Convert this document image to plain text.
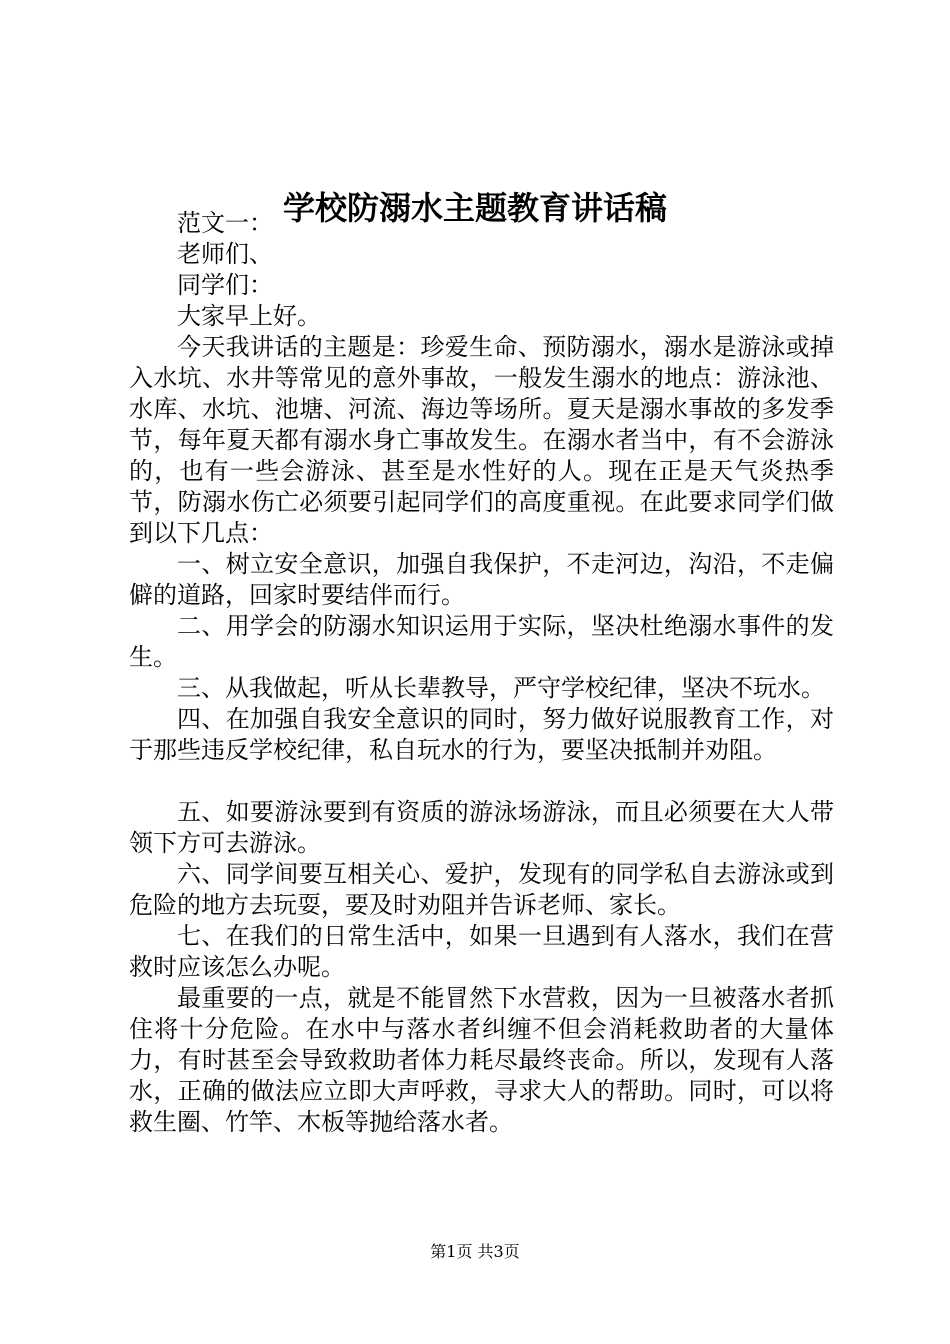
学校防溺水主题教育讲话稿

范文一：

老师们、

同学们：

大家早上好。

今天我讲话的主题是：珍爱生命、预防溺水，溺水是游泳或掉入水坑、水井等常见的意外事故，一般发生溺水的地点：游泳池、水库、水坑、池塘、河流、海边等场所。夏天是溺水事故的多发季节，每年夏天都有溺水身亡事故发生。在溺水者当中，有不会游泳的，也有一些会游泳、甚至是水性好的人。现在正是天气炎热季节，防溺水伤亡必须要引起同学们的高度重视。在此要求同学们做到以下几点：

一、树立安全意识，加强自我保护，不走河边，沟沿，不走偏僻的道路，回家时要结伴而行。

二、用学会的防溺水知识运用于实际，坚决杜绝溺水事件的发生。

三、从我做起，听从长辈教导，严守学校纪律，坚决不玩水。

四、在加强自我安全意识的同时，努力做好说服教育工作，对于那些违反学校纪律，私自玩水的行为，要坚决抵制并劝阻。

五、如要游泳要到有资质的游泳场游泳，而且必须要在大人带领下方可去游泳。

六、同学间要互相关心、爱护，发现有的同学私自去游泳或到危险的地方去玩耍，要及时劝阻并告诉老师、家长。

七、在我们的日常生活中，如果一旦遇到有人落水，我们在营救时应该怎么办呢。

最重要的一点，就是不能冒然下水营救，因为一旦被落水者抓住将十分危险。在水中与落水者纠缠不但会消耗救助者的大量体力，有时甚至会导致救助者体力耗尽最终丧命。所以，发现有人落水，正确的做法应立即大声呼救，寻求大人的帮助。同时，可以将救生圈、竹竿、木板等抛给落水者。

第1页 共3页
